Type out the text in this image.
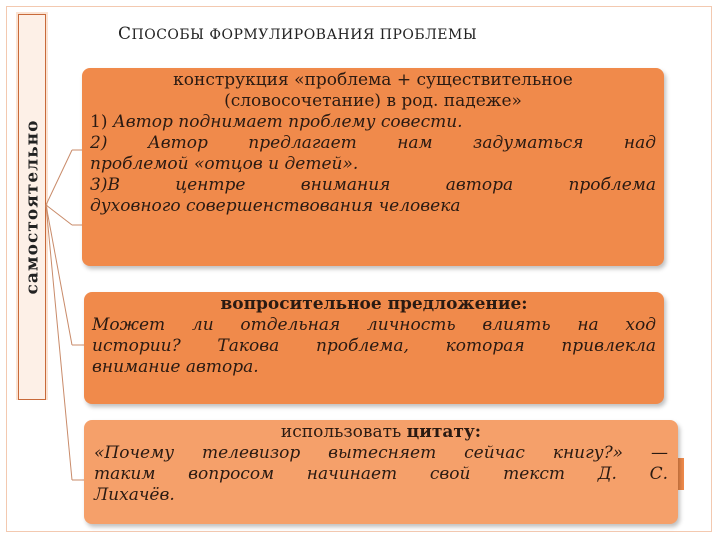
самостоятельно
СПОСОБЫ ФОРМУЛИРОВАНИЯ ПРОБЛЕМЫ
конструкция «проблема + существительное
(словосочетание) в род. падеже»
1) Автор поднимает проблему совести.
2) Автор предлагает нам задуматься над
проблемой «отцов и детей».
3)В центре внимания автора проблема
духовного совершенствования человека
вопросительное предложение:
Может ли отдельная личность влиять на ход
истории? Такова проблема, которая привлекла
внимание автора.
использовать цитату:
«Почему телевизор вытесняет сейчас книгу?» —
таким вопросом начинает свой текст Д. С.
Лихачёв.
